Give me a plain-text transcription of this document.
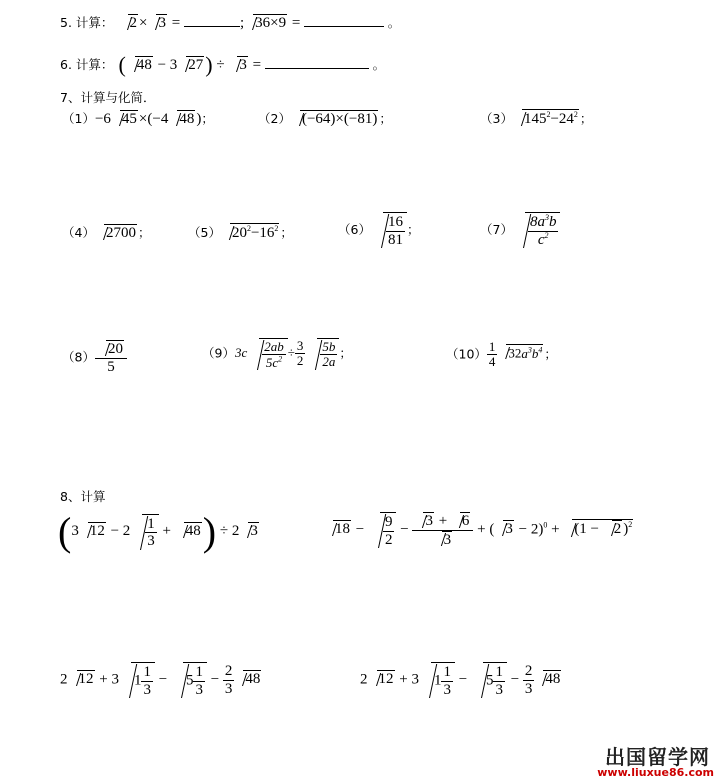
5. 计算： 2 × 3 =	; 36×9 =	。
6. 计算： ( 48 − 3 27) ÷ 3 =	。
7、计算与化简．
（1）−6 45 ×(−4 48 )；	（2） (−64)×(−81) ；	（3） $145^2-24^2$ ；
（4） 2700 ；	（5） $20^2-16^2$ ；	$(6) \frac{16}{81}$ ；	$(7) \frac{8a^3b}{c^2}$
$(8) \frac{20}{5}$	$(9)3c \frac{2ab}{5c^2} \div \frac{3}{2} \frac{5b}{2a}$ ；	$(10) \frac{1}{4} 32a^3b^4$ ；
8、计算
(3 $12 - 2 \frac{1}{3} + 48) \div 2$ 3	$18 - \frac{9}{2} - \frac{3 + 6}{3}$ + ( 3 − 2)$^0$ + (1 − 2 )$^2$
2 12 + 3 $1 \frac{1}{3} - 5 \frac{1}{3} - \frac{2}{3} 48$	2 12 + 3 $1 \frac{1}{3} - 5 \frac{1}{3} - \frac{2}{3} 48$
出国留学网
www.liuxue86.com
